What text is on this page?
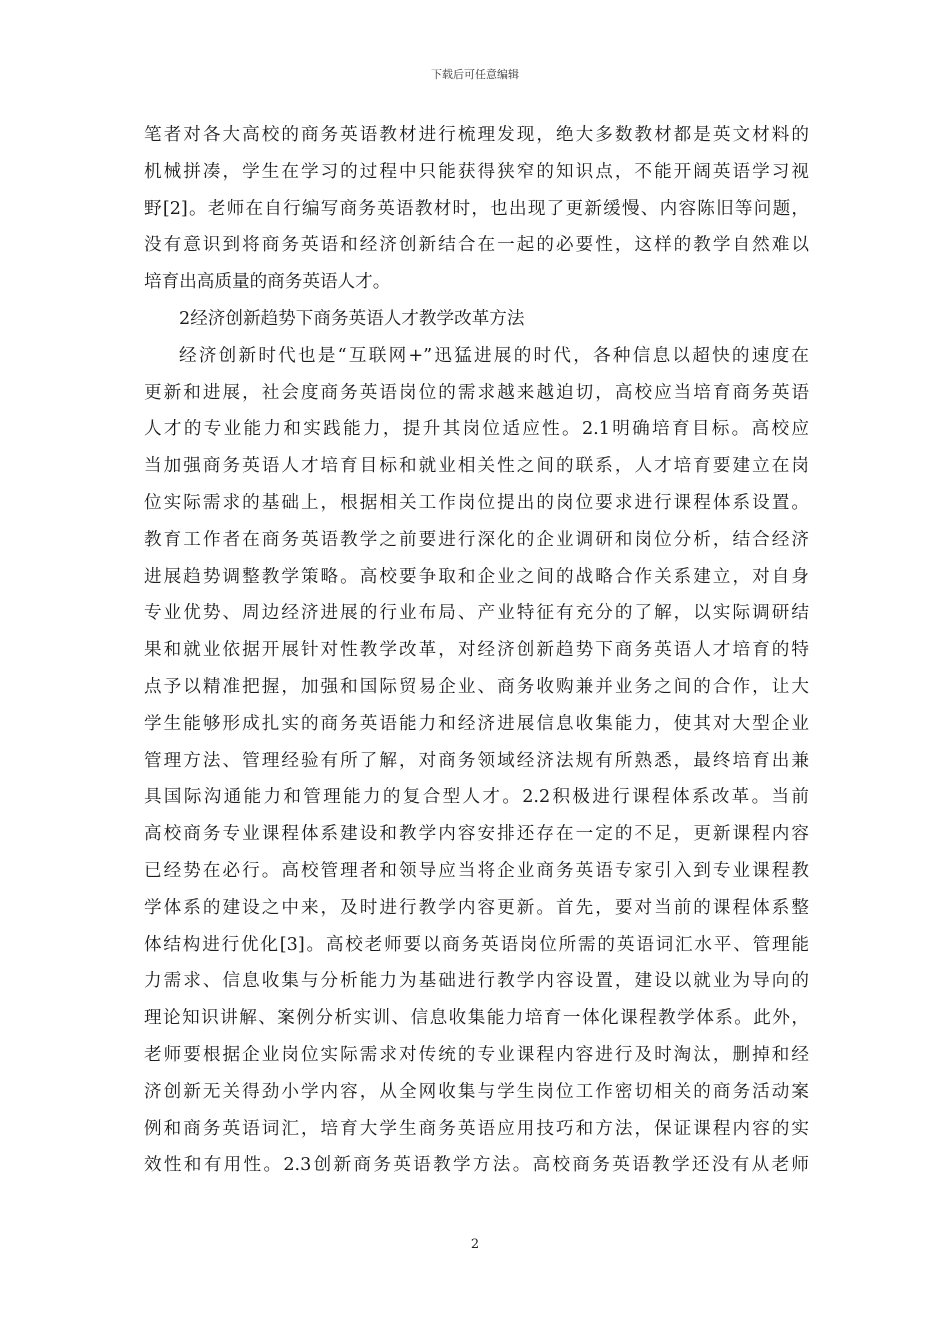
下载后可任意编辑
笔者对各大高校的商务英语教材进行梳理发现，绝大多数教材都是英文材料的
机械拼凑，学生在学习的过程中只能获得狭窄的知识点，不能开阔英语学习视
野[2]。老师在自行编写商务英语教材时，也出现了更新缓慢、内容陈旧等问题，
没有意识到将商务英语和经济创新结合在一起的必要性，这样的教学自然难以
培育出高质量的商务英语人才。
2经济创新趋势下商务英语人才教学改革方法
经济创新时代也是“互联网+”迅猛进展的时代，各种信息以超快的速度在
更新和进展，社会度商务英语岗位的需求越来越迫切，高校应当培育商务英语
人才的专业能力和实践能力，提升其岗位适应性。2.1明确培育目标。高校应
当加强商务英语人才培育目标和就业相关性之间的联系，人才培育要建立在岗
位实际需求的基础上，根据相关工作岗位提出的岗位要求进行课程体系设置。
教育工作者在商务英语教学之前要进行深化的企业调研和岗位分析，结合经济
进展趋势调整教学策略。高校要争取和企业之间的战略合作关系建立，对自身
专业优势、周边经济进展的行业布局、产业特征有充分的了解，以实际调研结
果和就业依据开展针对性教学改革，对经济创新趋势下商务英语人才培育的特
点予以精准把握，加强和国际贸易企业、商务收购兼并业务之间的合作，让大
学生能够形成扎实的商务英语能力和经济进展信息收集能力，使其对大型企业
管理方法、管理经验有所了解，对商务领域经济法规有所熟悉，最终培育出兼
具国际沟通能力和管理能力的复合型人才。2.2积极进行课程体系改革。当前
高校商务专业课程体系建设和教学内容安排还存在一定的不足，更新课程内容
已经势在必行。高校管理者和领导应当将企业商务英语专家引入到专业课程教
学体系的建设之中来，及时进行教学内容更新。首先，要对当前的课程体系整
体结构进行优化[3]。高校老师要以商务英语岗位所需的英语词汇水平、管理能
力需求、信息收集与分析能力为基础进行教学内容设置，建设以就业为导向的
理论知识讲解、案例分析实训、信息收集能力培育一体化课程教学体系。此外，
老师要根据企业岗位实际需求对传统的专业课程内容进行及时淘汰，删掉和经
济创新无关得劲小学内容，从全网收集与学生岗位工作密切相关的商务活动案
例和商务英语词汇，培育大学生商务英语应用技巧和方法，保证课程内容的实
效性和有用性。2.3创新商务英语教学方法。高校商务英语教学还没有从老师
2
